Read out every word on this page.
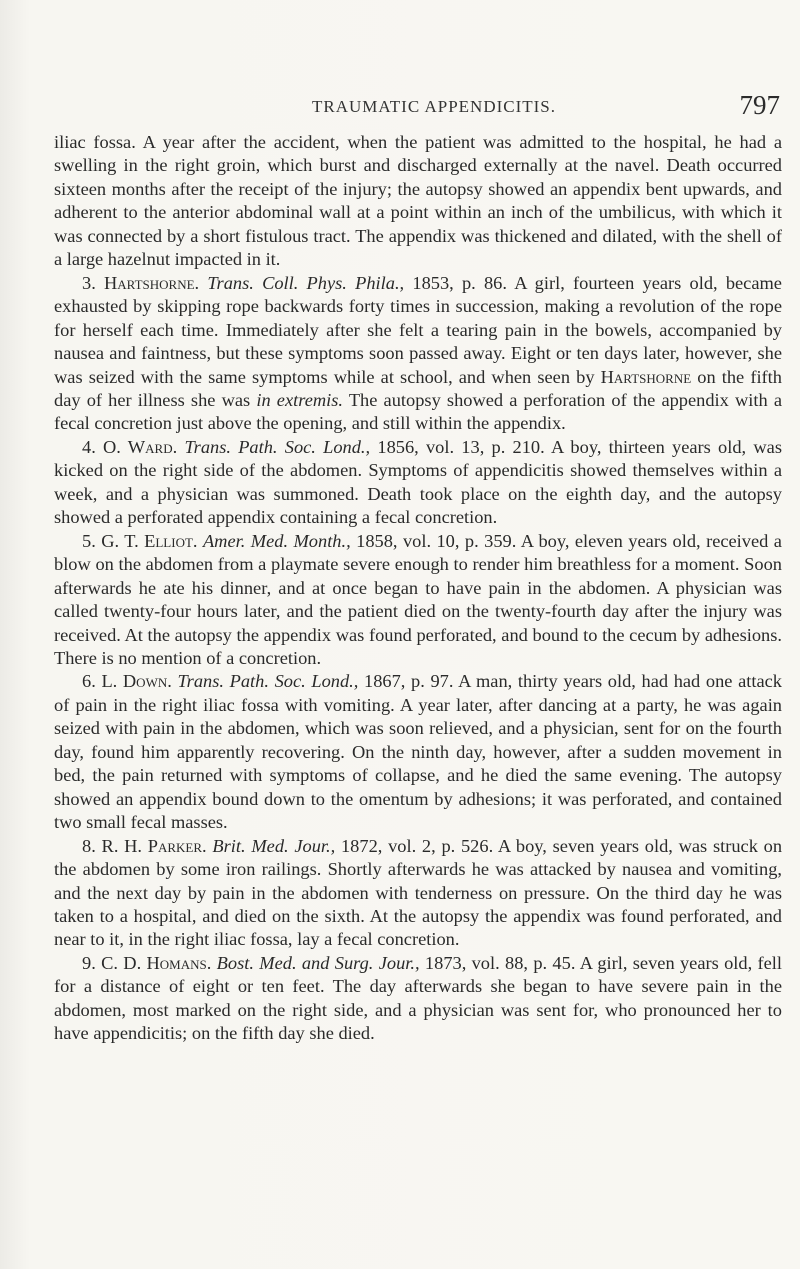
TRAUMATIC APPENDICITIS.	797

iliac fossa. A year after the accident, when the patient was admitted to the hospital, he had a swelling in the right groin, which burst and discharged externally at the navel. Death occurred sixteen months after the receipt of the injury; the autopsy showed an appendix bent upwards, and adherent to the anterior abdominal wall at a point within an inch of the umbilicus, with which it was connected by a short fistulous tract. The appendix was thickened and dilated, with the shell of a large hazelnut impacted in it.

3. Hartshorne. Trans. Coll. Phys. Phila., 1853, p. 86. A girl, fourteen years old, became exhausted by skipping rope backwards forty times in succession, making a revolution of the rope for herself each time. Immediately after she felt a tearing pain in the bowels, accompanied by nausea and faintness, but these symptoms soon passed away. Eight or ten days later, however, she was seized with the same symptoms while at school, and when seen by Hartshorne on the fifth day of her illness she was in extremis. The autopsy showed a perforation of the appendix with a fecal concretion just above the opening, and still within the appendix.

4. O. Ward. Trans. Path. Soc. Lond., 1856, vol. 13, p. 210. A boy, thirteen years old, was kicked on the right side of the abdomen. Symptoms of appendicitis showed themselves within a week, and a physician was summoned. Death took place on the eighth day, and the autopsy showed a perforated appendix containing a fecal concretion.

5. G. T. Elliot. Amer. Med. Month., 1858, vol. 10, p. 359. A boy, eleven years old, received a blow on the abdomen from a playmate severe enough to render him breathless for a moment. Soon afterwards he ate his dinner, and at once began to have pain in the abdomen. A physician was called twenty-four hours later, and the patient died on the twenty-fourth day after the injury was received. At the autopsy the appendix was found perforated, and bound to the cecum by adhesions. There is no mention of a concretion.

6. L. Down. Trans. Path. Soc. Lond., 1867, p. 97. A man, thirty years old, had had one attack of pain in the right iliac fossa with vomiting. A year later, after dancing at a party, he was again seized with pain in the abdomen, which was soon relieved, and a physician, sent for on the fourth day, found him apparently recovering. On the ninth day, however, after a sudden movement in bed, the pain returned with symptoms of collapse, and he died the same evening. The autopsy showed an appendix bound down to the omentum by adhesions; it was perforated, and contained two small fecal masses.

8. R. H. Parker. Brit. Med. Jour., 1872, vol. 2, p. 526. A boy, seven years old, was struck on the abdomen by some iron railings. Shortly afterwards he was attacked by nausea and vomiting, and the next day by pain in the abdomen with tenderness on pressure. On the third day he was taken to a hospital, and died on the sixth. At the autopsy the appendix was found perforated, and near to it, in the right iliac fossa, lay a fecal concretion.

9. C. D. Homans. Bost. Med. and Surg. Jour., 1873, vol. 88, p. 45. A girl, seven years old, fell for a distance of eight or ten feet. The day afterwards she began to have severe pain in the abdomen, most marked on the right side, and a physician was sent for, who pronounced her to have appendicitis; on the fifth day she died.
